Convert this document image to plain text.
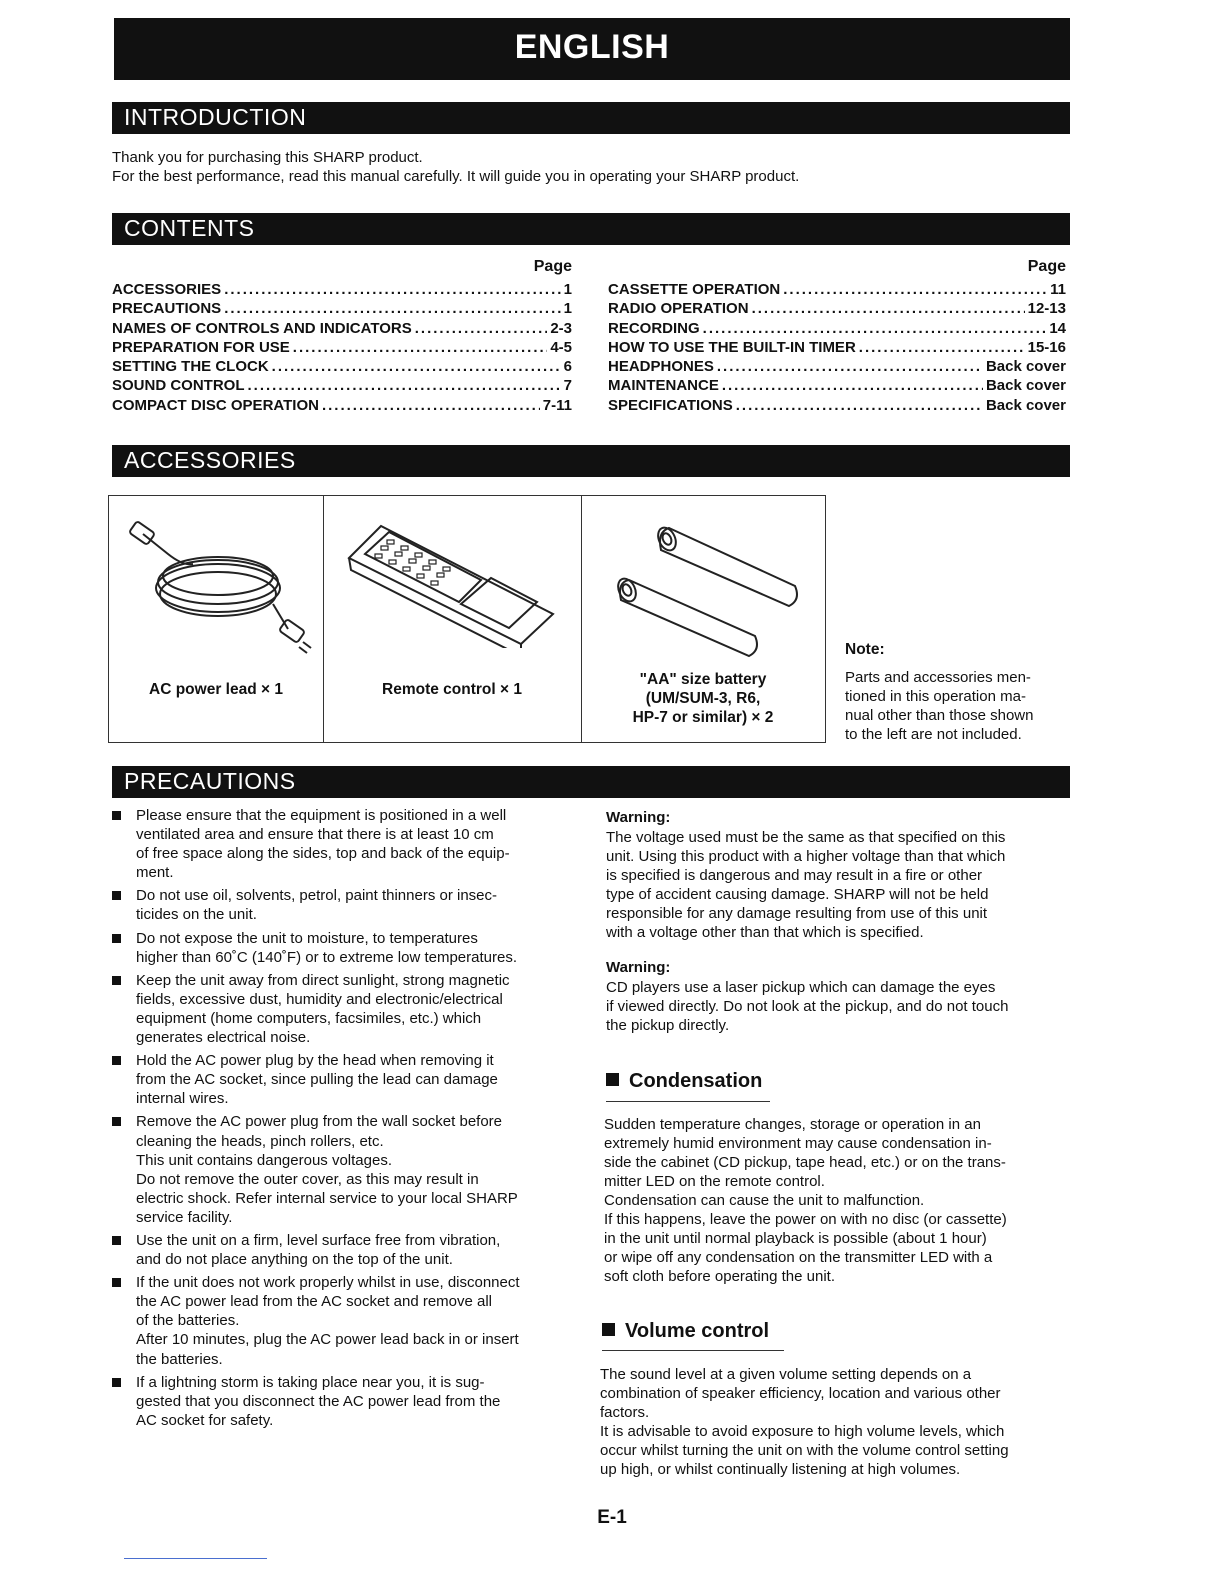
ENGLISH
INTRODUCTION
Thank you for purchasing this SHARP product.
For the best performance, read this manual carefully. It will guide you in operating your SHARP product.
CONTENTS
Page
ACCESSORIES .....	1
PRECAUTIONS .....	1
NAMES OF CONTROLS AND INDICATORS .....	2-3
PREPARATION FOR USE .....	4-5
SETTING THE CLOCK .....	6
SOUND CONTROL .....	7
COMPACT DISC OPERATION .....	7-11
Page
CASSETTE OPERATION .....	11
RADIO OPERATION .....	12-13
RECORDING .....	14
HOW TO USE THE BUILT-IN TIMER .....	15-16
HEADPHONES .....	Back cover
MAINTENANCE .....	Back cover
SPECIFICATIONS .....	Back cover
ACCESSORIES
AC power lead × 1	Remote control × 1
"AA" size battery
(UM/SUM-3, R6,
HP-7 or similar) × 2
Note:
Parts and accessories men-
tioned in this operation ma-
nual other than those shown
to the left are not included.
PRECAUTIONS
Please ensure that the equipment is positioned in a well
ventilated area and ensure that there is at least 10 cm
of free space along the sides, top and back of the equip-
ment.
Do not use oil, solvents, petrol, paint thinners or insec-
ticides on the unit.
Do not expose the unit to moisture, to temperatures
higher than 60˚C (140˚F) or to extreme low temperatures.
Keep the unit away from direct sunlight, strong magnetic
fields, excessive dust, humidity and electronic/electrical
equipment (home computers, facsimiles, etc.) which
generates electrical noise.
Hold the AC power plug by the head when removing it
from the AC socket, since pulling the lead can damage
internal wires.
Remove the AC power plug from the wall socket before
cleaning the heads, pinch rollers, etc.
This unit contains dangerous voltages.
Do not remove the outer cover, as this may result in
electric shock. Refer internal service to your local SHARP
service facility.
Use the unit on a firm, level surface free from vibration,
and do not place anything on the top of the unit.
If the unit does not work properly whilst in use, disconnect
the AC power lead from the AC socket and remove all
of the batteries.
After 10 minutes, plug the AC power lead back in or insert
the batteries.
If a lightning storm is taking place near you, it is sug-
gested that you disconnect the AC power lead from the
AC socket for safety.
Warning:
The voltage used must be the same as that specified on this
unit. Using this product with a higher voltage than that which
is specified is dangerous and may result in a fire or other
type of accident causing damage. SHARP will not be held
responsible for any damage resulting from use of this unit
with a voltage other than that which is specified.
Warning:
CD players use a laser pickup which can damage the eyes
if viewed directly. Do not look at the pickup, and do not touch
the pickup directly.
Condensation
Sudden temperature changes, storage or operation in an
extremely humid environment may cause condensation in-
side the cabinet (CD pickup, tape head, etc.) or on the trans-
mitter LED on the remote control.
Condensation can cause the unit to malfunction.
If this happens, leave the power on with no disc (or cassette)
in the unit until normal playback is possible (about 1 hour)
or wipe off any condensation on the transmitter LED with a
soft cloth before operating the unit.
Volume control
The sound level at a given volume setting depends on a
combination of speaker efficiency, location and various other
factors.
It is advisable to avoid exposure to high volume levels, which
occur whilst turning the unit on with the volume control setting
up high, or whilst continually listening at high volumes.
E-1
